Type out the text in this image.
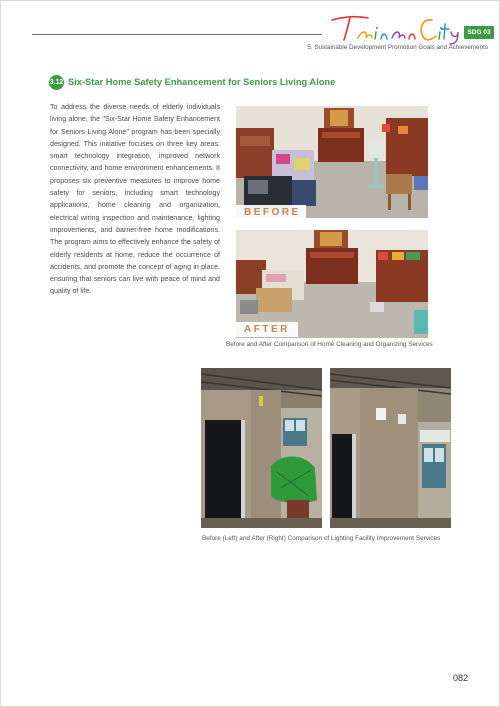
SDG 03
5. Sustainable Development Promotion Goals and Achievements
3.12 Six-Star Home Safety Enhancement for Seniors Living Alone

To address the diverse needs of elderly individuals living alone, the "Six-Star Home Safety Enhancement for Seniors Living Alone" program has been specially designed. This initiative focuses on three key areas: smart technology integration, improved network connectivity, and home environment enhancements. It proposes six preventive measures to improve home safety for seniors, including smart technology applications, home cleaning and organization, electrical wiring inspection and maintenance, lighting improvements, and barrier-free home modifications. The program aims to effectively enhance the safety of elderly residents at home, reduce the occurrence of accidents, and promote the concept of aging in place, ensuring that seniors can live with peace of mind and quality of life.

BEFORE
AFTER
Before and After Comparison of Home Cleaning and Organizing Services
Before (Left) and After (Right) Comparison of Lighting Facility Improvement Services
082
